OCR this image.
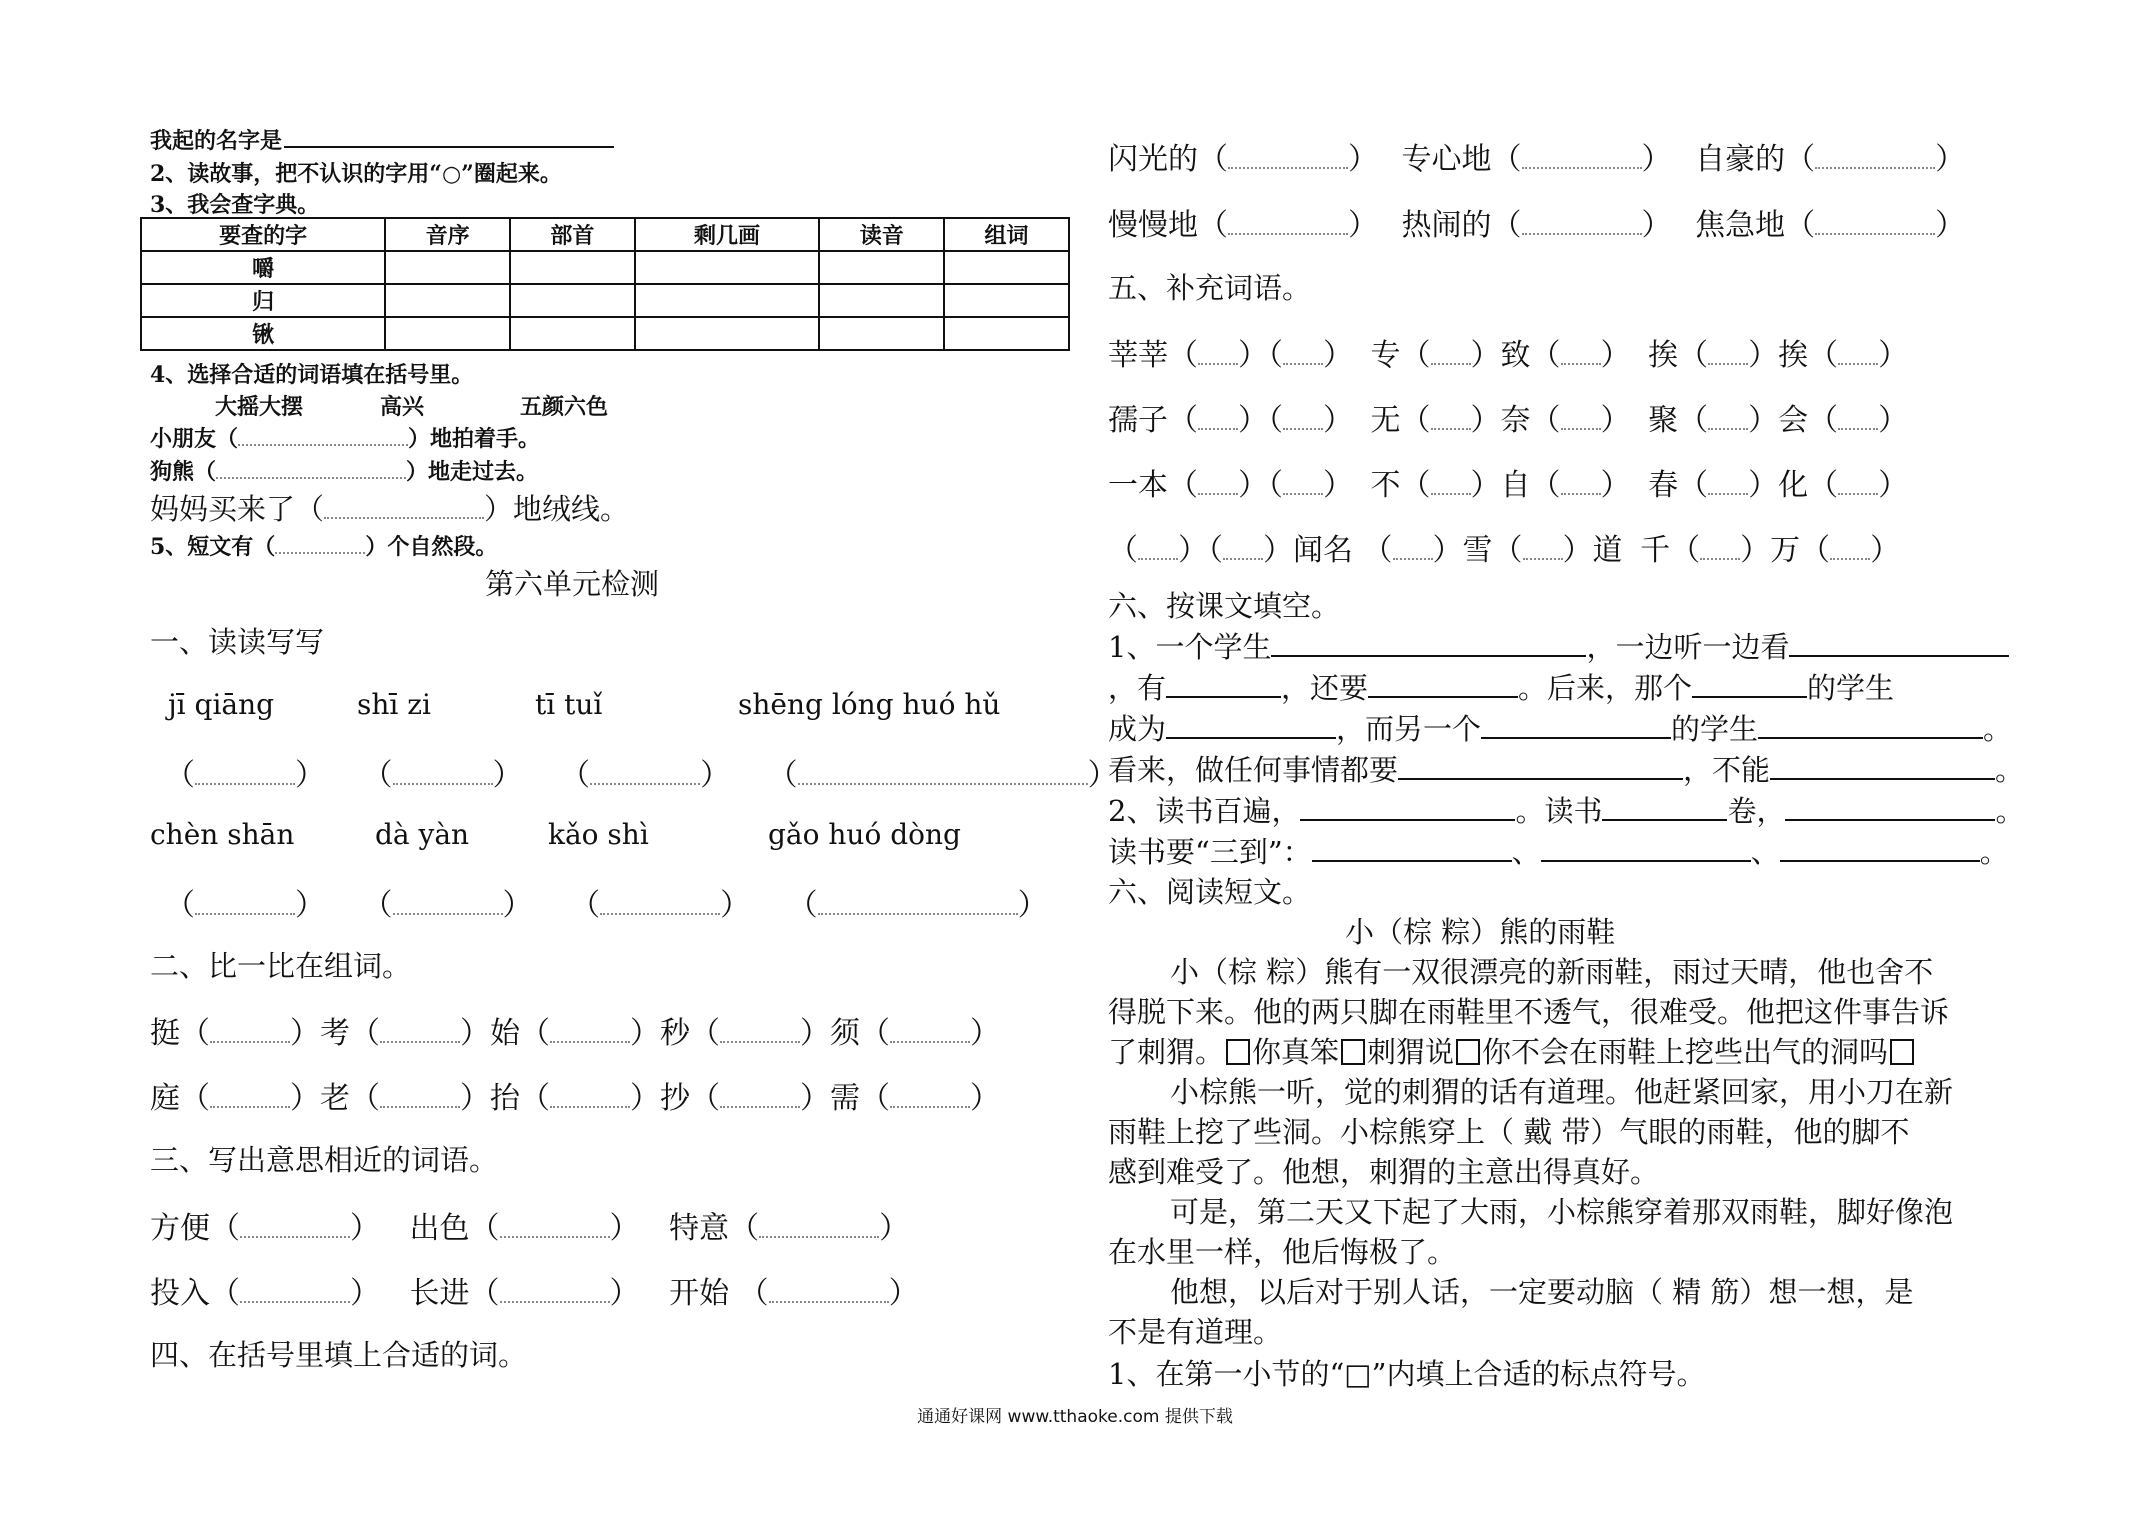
我起的名字是
2、读故事，把不认识的字用“○”圈起来。
3、我会查字典。
要查的字	音序	部首	剩几画	读音	组词
嚼					
归					
锹					
4、选择合适的词语填在括号里。
大摇大摆	高兴	五颜六色
小朋友（	）地拍着手。
狗熊（	）地走过去。
妈妈买来了（	）地绒线。
5、短文有（	）个自然段。
第六单元检测
一、读读写写
jī qiāng	shī zi	tī tuǐ	shēng lóng huó hǔ
（	） （	） （	） （	）
chèn shān	dà yàn	kǎo shì	gǎo huó dòng
（	） （	） （	） （	）
二、比一比在组词。
挺（	）考（	）始（	）秒（	）须（	）
庭（	）老（	）抬（	）抄（	）需（	）
三、写出意思相近的词语。
方便（	） 出色（	） 特意（	）
投入（	） 长进（	） 开始 （	）
四、在括号里填上合适的词。
闪光的（	） 专心地（	） 自豪的（	）
慢慢地（	） 热闹的（	） 焦急地（	）
五、补充词语。
莘莘（ ）（ ） 专（ ）致（ ） 挨（ ）挨（ ）
孺子（ ）（ ） 无（ ）奈（ ） 聚（ ）会（ ）
一本（ ）（ ） 不（ ）自（ ） 春（ ）化（ ）
（ ）（ ）闻名 （ ）雪（ ）道 千（ ）万（ ）
六、按课文填空。
1、一个学生	，一边听一边看
，有	，还要	。后来，那个	的学生
成为	，而另一个	的学生	。
看来，做任何事情都要	，不能	。
2、读书百遍，	。读书	卷，	。
读书要“三到”：	、	、	。
六、阅读短文。
小（棕 粽）熊的雨鞋
小（棕 粽）熊有一双很漂亮的新雨鞋，雨过天晴，他也舍不
得脱下来。他的两只脚在雨鞋里不透气，很难受。他把这件事告诉
了刺猬。 你真笨 刺猬说 你不会在雨鞋上挖些出气的洞吗
小棕熊一听，觉的刺猬的话有道理。他赶紧回家，用小刀在新
雨鞋上挖了些洞。小棕熊穿上（ 戴 带）气眼的雨鞋，他的脚不
感到难受了。他想，刺猬的主意出得真好。
可是，第二天又下起了大雨，小棕熊穿着那双雨鞋，脚好像泡
在水里一样，他后悔极了。
他想，以后对于别人话，一定要动脑（ 精 筋）想一想，是
不是有道理。
1、在第一小节的“□”内填上合适的标点符号。
通通好课网 www.tthaoke.com 提供下载
